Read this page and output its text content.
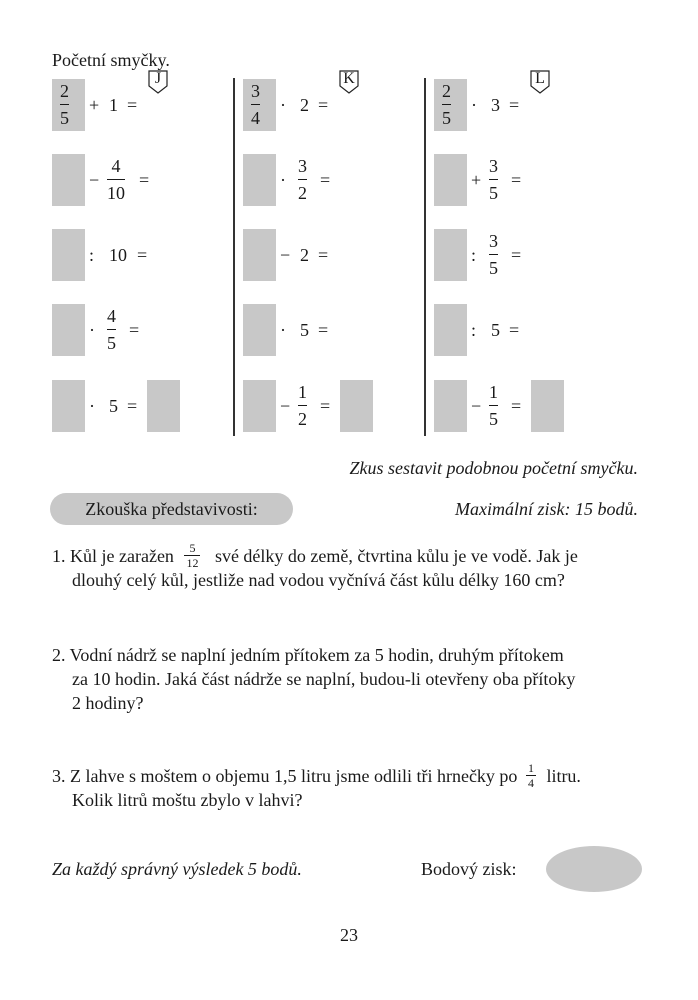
Početní smyčky.
J
2
5
+ 1 =
−
4
10
=
: 10 =
·
4
5
=
· 5 =
K
3
4
· 2 =
·
3
2
=
− 2 =
· 5 =
−
1
2
=
L
2
5
· 3 =
+
3
5
=
:
3
5
=
: 5 =
−
1
5
=
Zkus sestavit podobnou početní smyčku.
Zkouška představivosti:	Maximální zisk: 15 bodů.
1. Kůl je zaražen 5
12 své délky do země, čtvrtina kůlu je ve vodě. Jak je
dlouhý celý kůl, jestliže nad vodou vyčnívá část kůlu délky 160 cm?
2. Vodní nádrž se naplní jedním přítokem za 5 hodin, druhým přítokem
za 10 hodin. Jaká část nádrže se naplní, budou-li otevřeny oba přítoky
2 hodiny?
3. Z lahve s moštem o objemu 1,5 litru jsme odlili tři hrnečky po 1
4 litru.
Kolik litrů moštu zbylo v lahvi?
Za každý správný výsledek 5 bodů.	Bodový zisk:
23
